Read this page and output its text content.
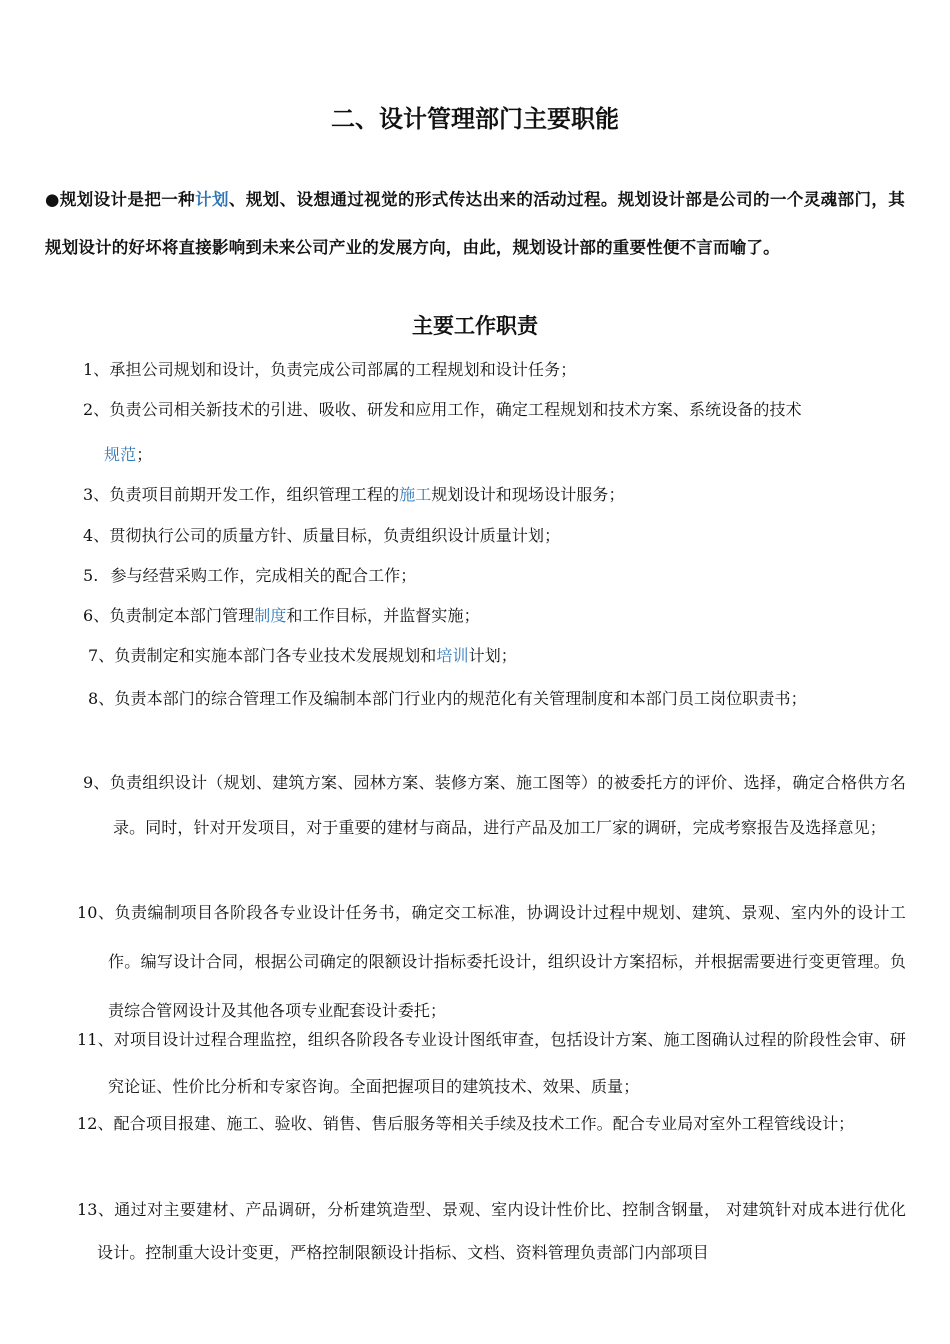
二、设计管理部门主要职能
●规划设计是把一种计划、规划、设想通过视觉的形式传达出来的活动过程。规划设计部是公司的一个灵魂部门，其规划设计的好坏将直接影响到未来公司产业的发展方向，由此，规划设计部的重要性便不言而喻了。
主要工作职责
1、承担公司规划和设计，负责完成公司部属的工程规划和设计任务；
2、负责公司相关新技术的引进、吸收、研发和应用工作，确定工程规划和技术方案、系统设备的技术
规范；
3、负责项目前期开发工作，组织管理工程的施工规划设计和现场设计服务；
4、贯彻执行公司的质量方针、质量目标，负责组织设计质量计划；
5. 参与经营采购工作，完成相关的配合工作；
6、负责制定本部门管理制度和工作目标，并监督实施；
7、负责制定和实施本部门各专业技术发展规划和培训计划；
8、负责本部门的综合管理工作及编制本部门行业内的规范化有关管理制度和本部门员工岗位职责书；
9、负责组织设计（规划、建筑方案、园林方案、装修方案、施工图等）的被委托方的评价、选择，确定合格供方名录。同时，针对开发项目，对于重要的建材与商品，进行产品及加工厂家的调研，完成考察报告及选择意见；
10、负责编制项目各阶段各专业设计任务书，确定交工标准，协调设计过程中规划、建筑、景观、室内外的设计工作。编写设计合同，根据公司确定的限额设计指标委托设计，组织设计方案招标，并根据需要进行变更管理。负责综合管网设计及其他各项专业配套设计委托；
11、对项目设计过程合理监控，组织各阶段各专业设计图纸审查，包括设计方案、施工图确认过程的阶段性会审、研究论证、性价比分析和专家咨询。全面把握项目的建筑技术、效果、质量；
12、配合项目报建、施工、验收、销售、售后服务等相关手续及技术工作。配合专业局对室外工程管线设计；
13、通过对主要建材、产品调研，分析建筑造型、景观、室内设计性价比、控制含钢量， 对建筑针对成本进行优化设计。控制重大设计变更，严格控制限额设计指标、文档、资料管理负责部门内部项目
